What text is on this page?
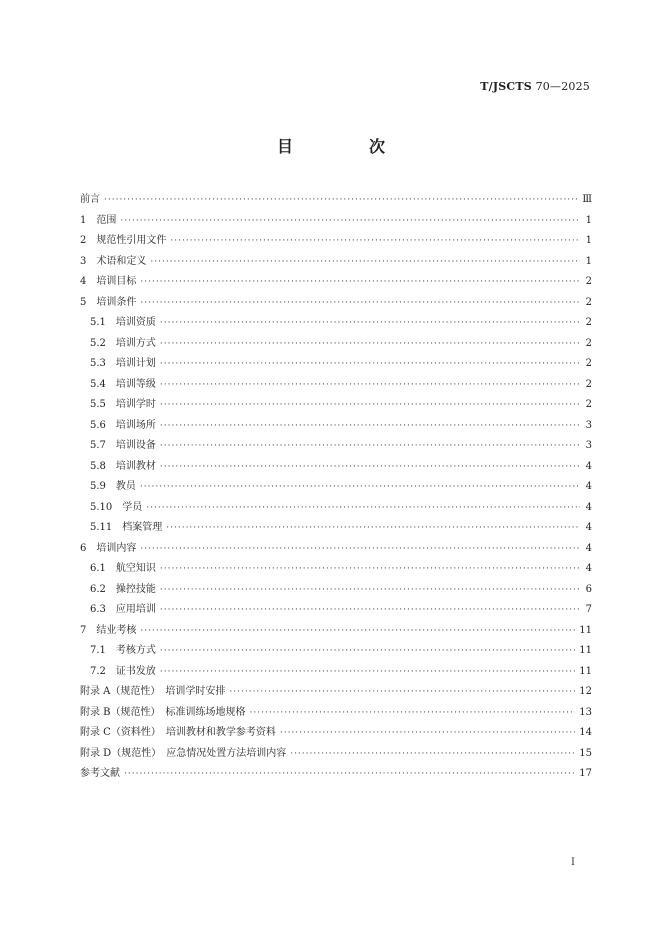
T/JSCTS 70—2025
目　次
前言 ·····	Ⅲ
1　范围 ·····	1
2　规范性引用文件 ·····	1
3　术语和定义 ·····	1
4　培训目标 ·····	2
5　培训条件 ·····	2
5.1　培训资质 ·····	2
5.2　培训方式 ·····	2
5.3　培训计划 ·····	2
5.4　培训等级 ·····	2
5.5　培训学时 ·····	2
5.6　培训场所 ·····	3
5.7　培训设备 ·····	3
5.8　培训教材 ·····	4
5.9　教员 ·····	4
5.10　学员 ·····	4
5.11　档案管理 ·····	4
6　培训内容 ·····	4
6.1　航空知识 ·····	4
6.2　操控技能 ·····	6
6.3　应用培训 ·····	7
7　结业考核 ·····	11
7.1　考核方式 ·····	11
7.2　证书发放 ·····	11
附录 A（规范性）　培训学时安排 ·····	12
附录 B（规范性）　标准训练场地规格 ·····	13
附录 C（资料性）　培训教材和教学参考资料 ·····	14
附录 D（规范性）　应急情况处置方法培训内容 ·····	15
参考文献 ·····	17
I
